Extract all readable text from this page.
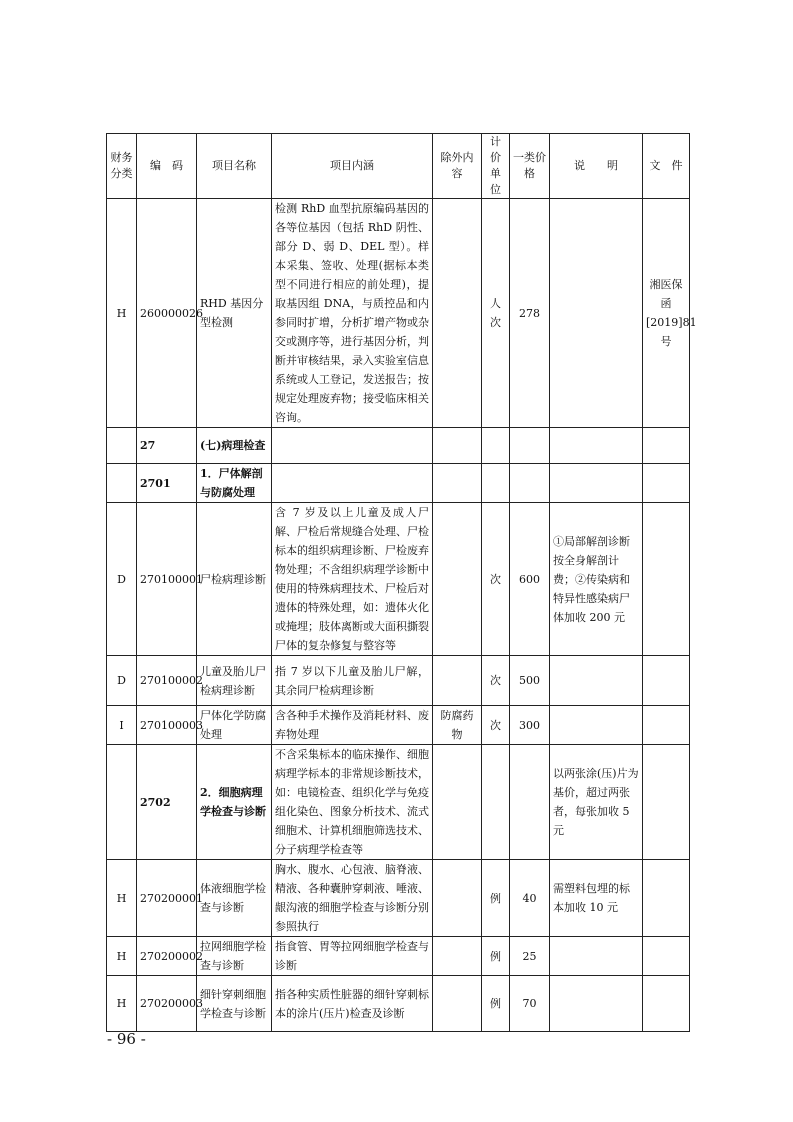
财务分类	编　码	项目名称	项目内涵	除外内容	计价单位	一类价格	说　　明	文　件
H	260000026	RHD 基因分型检测	检测 RhD 血型抗原编码基因的各等位基因（包括 RhD 阴性、部分 D、弱 D、DEL 型）。样本采集、签收、处理(据标本类型不同进行相应的前处理)，提取基因组 DNA，与质控品和内参同时扩增，分析扩增产物或杂交或测序等，进行基因分析，判断并审核结果，录入实验室信息系统或人工登记，发送报告；按规定处理废弃物；接受临床相关咨询。		人次	278		湘医保函[2019]81号
	27	(七)病理检查						
	2701	1．尸体解剖与防腐处理						
D	270100001	尸检病理诊断	含 7 岁及以上儿童及成人尸解、尸检后常规缝合处理、尸检标本的组织病理诊断、尸检废弃物处理；不含组织病理学诊断中使用的特殊病理技术、尸检后对遗体的特殊处理，如：遗体火化或掩埋；肢体离断或大面积撕裂尸体的复杂修复与整容等		次	600	①局部解剖诊断按全身解剖计费；②传染病和特异性感染病尸体加收 200 元	
D	270100002	儿童及胎儿尸检病理诊断	指 7 岁以下儿童及胎儿尸解，其余同尸检病理诊断		次	500		
I	270100003	尸体化学防腐处理	含各种手术操作及消耗材料、废弃物处理	防腐药物	次	300		
	2702	2．细胞病理学检查与诊断	不含采集标本的临床操作、细胞病理学标本的非常规诊断技术，如：电镜检查、组织化学与免疫组化染色、图象分析技术、流式细胞术、计算机细胞筛选技术、分子病理学检查等				以两张涂(压)片为基价，超过两张者，每张加收 5 元	
H	270200001	体液细胞学检查与诊断	胸水、腹水、心包液、脑脊液、精液、各种囊肿穿刺液、唾液、龈沟液的细胞学检查与诊断分别参照执行		例	40	需塑料包埋的标本加收 10 元	
H	270200002	拉网细胞学检查与诊断	指食管、胃等拉网细胞学检查与诊断		例	25		
H	270200003	细针穿刺细胞学检查与诊断	指各种实质性脏器的细针穿刺标本的涂片(压片)检查及诊断		例	70		
- 96 -
